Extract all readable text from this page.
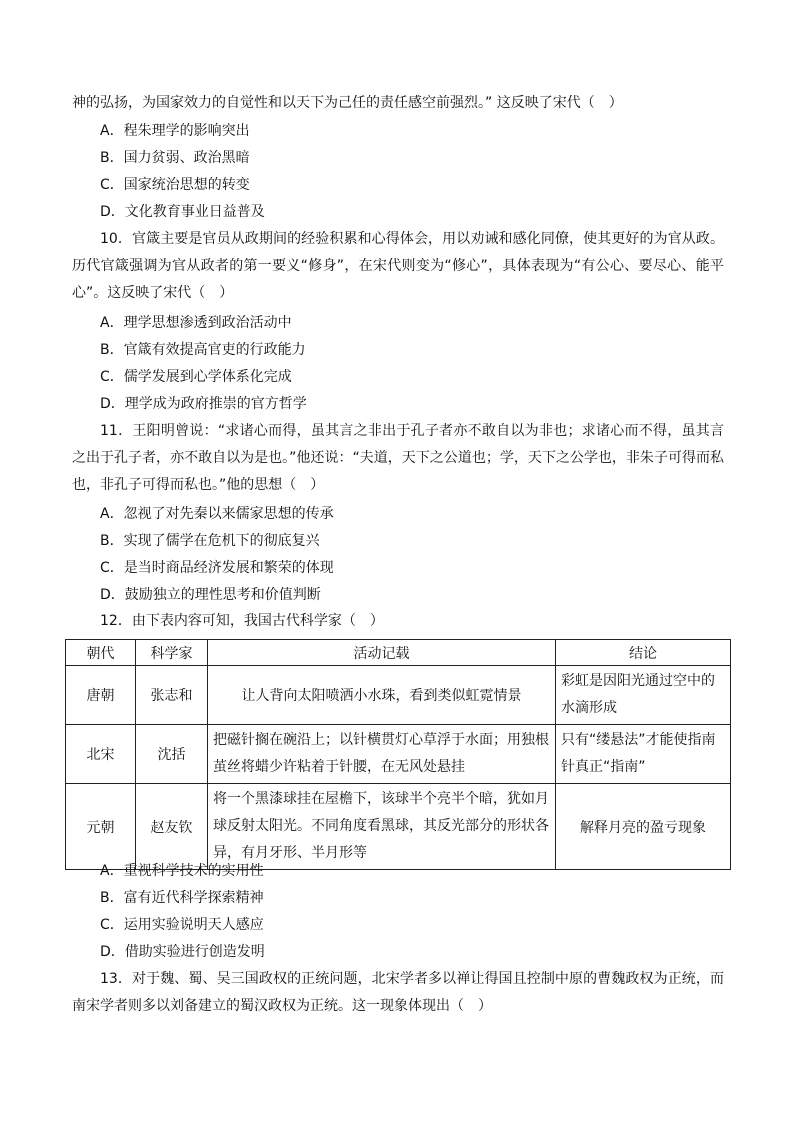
神的弘扬，为国家效力的自觉性和以天下为己任的责任感空前强烈。” 这反映了宋代（　）
A．程朱理学的影响突出
B．国力贫弱、政治黑暗
C．国家统治思想的转变
D．文化教育事业日益普及
10．官箴主要是官员从政期间的经验积累和心得体会，用以劝诫和感化同僚，使其更好的为官从政。历代官箴强调为官从政者的第一要义“修身”，在宋代则变为“修心”，具体表现为“有公心、要尽心、能平心”。这反映了宋代（　）
A．理学思想渗透到政治活动中
B．官箴有效提高官吏的行政能力
C．儒学发展到心学体系化完成
D．理学成为政府推崇的官方哲学
11．王阳明曾说：“求诸心而得，虽其言之非出于孔子者亦不敢自以为非也；求诸心而不得，虽其言之出于孔子者，亦不敢自以为是也。”他还说：“夫道，天下之公道也；学，天下之公学也，非朱子可得而私也，非孔子可得而私也。”他的思想（　）
A．忽视了对先秦以来儒家思想的传承
B．实现了儒学在危机下的彻底复兴
C．是当时商品经济发展和繁荣的体现
D．鼓励独立的理性思考和价值判断
12．由下表内容可知，我国古代科学家（　）
朝代	科学家	活动记载	结论
唐朝	张志和	让人背向太阳喷洒小水珠，看到类似虹霓情景	彩虹是因阳光通过空中的水滴形成
北宋	沈括	把磁针搁在碗沿上；以针横贯灯心草浮于水面；用独根茧丝将蜡少许粘着于针腰，在无风处悬挂	只有“缕悬法”才能使指南针真正“指南”
元朝	赵友钦	将一个黑漆球挂在屋檐下，该球半个亮半个暗，犹如月球反射太阳光。不同角度看黑球，其反光部分的形状各异，有月牙形、半月形等	解释月亮的盈亏现象
A．重视科学技术的实用性
B．富有近代科学探索精神
C．运用实验说明天人感应
D．借助实验进行创造发明
13．对于魏、蜀、吴三国政权的正统问题，北宋学者多以禅让得国且控制中原的曹魏政权为正统，而南宋学者则多以刘备建立的蜀汉政权为正统。这一现象体现出（　）
